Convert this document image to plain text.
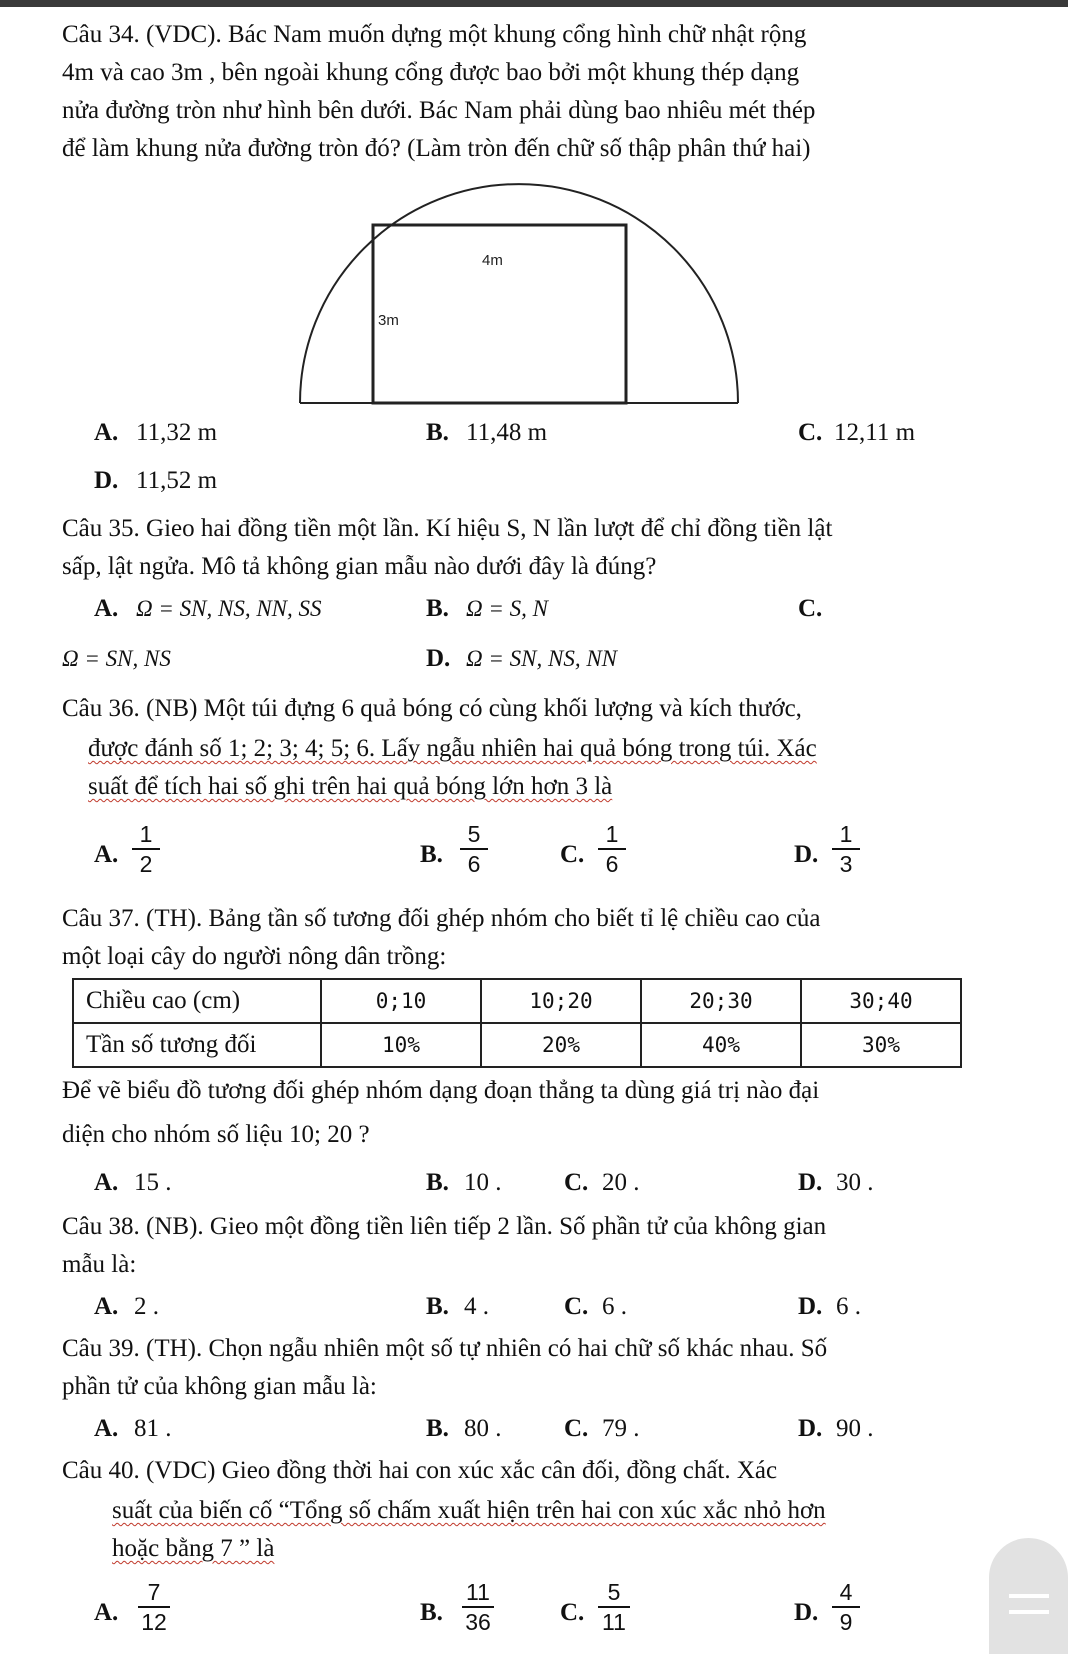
Câu 34. (VDC). Bác Nam muốn dựng một khung cổng hình chữ nhật rộng
4m và cao 3m , bên ngoài khung cổng được bao bởi một khung thép dạng
nửa đường tròn như hình bên dưới. Bác Nam phải dùng bao nhiêu mét thép
để làm khung nửa đường tròn đó? (Làm tròn đến chữ số thập phân thứ hai)
4m
3m
A. 11,32 m	B. 11,48 m	C. 12,11 m
D. 11,52 m
Câu 35. Gieo hai đồng tiền một lần. Kí hiệu S, N lần lượt để chỉ đồng tiền lật
sấp, lật ngửa. Mô tả không gian mẫu nào dưới đây là đúng?
A. Ω = SN, NS, NN, SS	B. Ω = S, N	C.
Ω = SN, NS	D. Ω = SN, NS, NN
Câu 36. (NB) Một túi đựng 6 quả bóng có cùng khối lượng và kích thước,
được đánh số 1; 2; 3; 4; 5; 6. Lấy ngẫu nhiên hai quả bóng trong túi. Xác
suất để tích hai số ghi trên hai quả bóng lớn hơn 3 là
A.
1
2	B.
5
6	C.
1
6	D.
1
3
Câu 37. (TH). Bảng tần số tương đối ghép nhóm cho biết tỉ lệ chiều cao của
một loại cây do người nông dân trồng:
Chiều cao (cm)	0;10	10;20	20;30	30;40
Tần số tương đối	10%	20%	40%	30%
Để vẽ biểu đồ tương đối ghép nhóm dạng đoạn thẳng ta dùng giá trị nào đại
diện cho nhóm số liệu 10; 20 ?
A. 15 .	B. 10 .	C. 20 .	D. 30 .
Câu 38. (NB). Gieo một đồng tiền liên tiếp 2 lần. Số phần tử của không gian
mẫu là:
A. 2 .	B. 4 .	C. 6 .	D. 6 .
Câu 39. (TH). Chọn ngẫu nhiên một số tự nhiên có hai chữ số khác nhau. Số
phần tử của không gian mẫu là:
A. 81 .	B. 80 .	C. 79 .	D. 90 .
Câu 40. (VDC) Gieo đồng thời hai con xúc xắc cân đối, đồng chất. Xác
suất của biến cố “Tổng số chấm xuất hiện trên hai con xúc xắc nhỏ hơn
hoặc bằng 7 ” là
A.
7
12	B.
11
36	C.
5
11	D.
4
9
